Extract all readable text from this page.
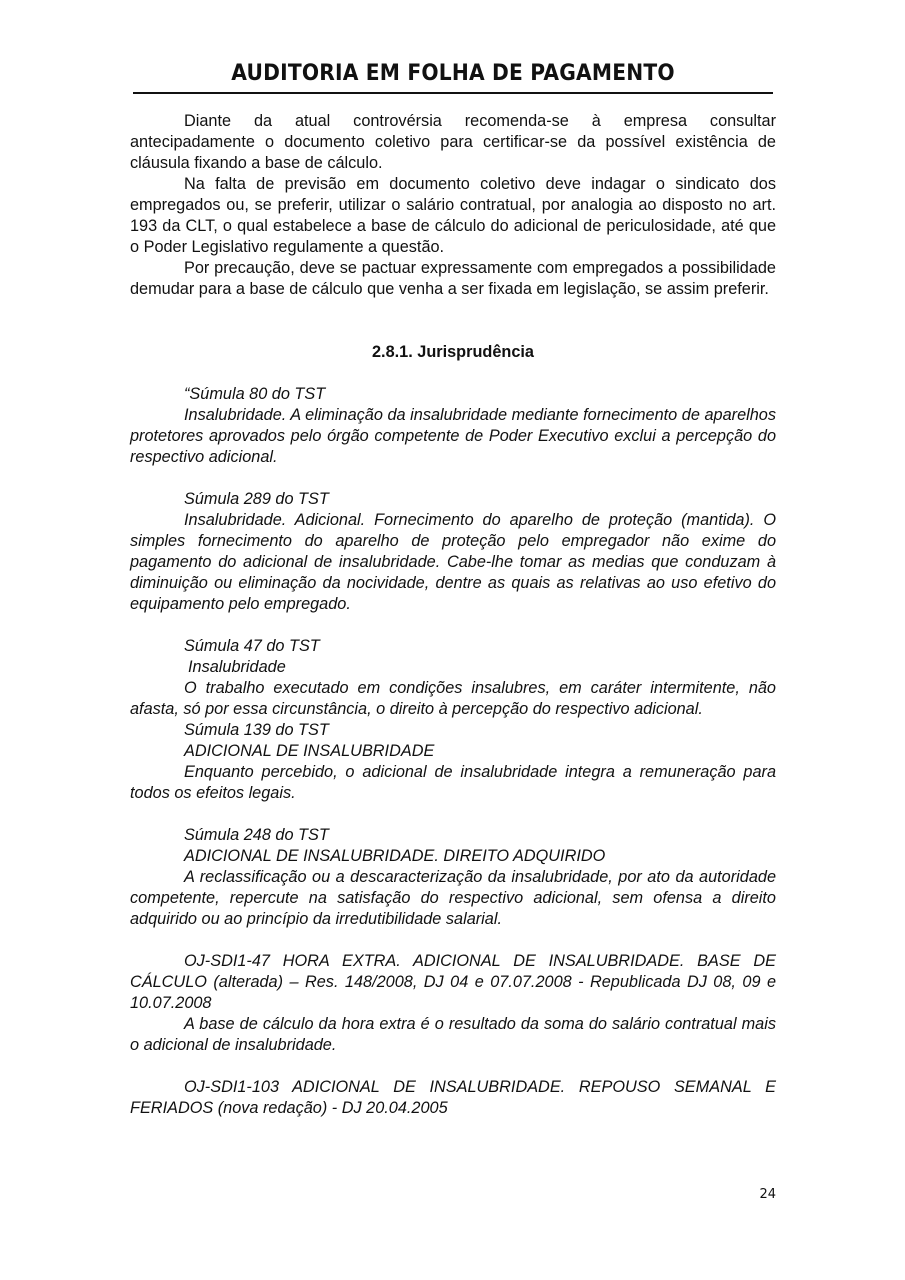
AUDITORIA EM FOLHA DE PAGAMENTO

Diante da atual controvérsia recomenda-se à empresa consultar antecipadamente o documento coletivo para certificar-se da possível existência de cláusula fixando a base de cálculo.

Na falta de previsão em documento coletivo deve indagar o sindicato dos empregados ou, se preferir, utilizar o salário contratual, por analogia ao disposto no art. 193 da CLT, o qual estabelece a base de cálculo do adicional de periculosidade, até que o Poder Legislativo regulamente a questão.

Por precaução, deve se pactuar expressamente com empregados a possibilidade demudar para a base de cálculo que venha a ser fixada em legislação, se assim preferir.

2.8.1. Jurisprudência

“Súmula 80 do TST

Insalubridade. A eliminação da insalubridade mediante fornecimento de aparelhos protetores aprovados pelo órgão competente de Poder Executivo exclui a percepção do respectivo adicional.

Súmula 289 do TST

Insalubridade. Adicional. Fornecimento do aparelho de proteção (mantida). O simples fornecimento do aparelho de proteção pelo empregador não exime do pagamento do adicional de insalubridade. Cabe-lhe tomar as medias que conduzam à diminuição ou eliminação da nocividade, dentre as quais as relativas ao uso efetivo do equipamento pelo empregado.

Súmula 47 do TST

Insalubridade

O trabalho executado em condições insalubres, em caráter intermitente, não afasta, só por essa circunstância, o direito à percepção do respectivo adicional.

Súmula 139 do TST

ADICIONAL DE INSALUBRIDADE

Enquanto percebido, o adicional de insalubridade integra a remuneração para todos os efeitos legais.

Súmula 248 do TST

ADICIONAL DE INSALUBRIDADE. DIREITO ADQUIRIDO

A reclassificação ou a descaracterização da insalubridade, por ato da autoridade competente, repercute na satisfação do respectivo adicional, sem ofensa a direito adquirido ou ao princípio da irredutibilidade salarial.

OJ-SDI1-47 HORA EXTRA. ADICIONAL DE INSALUBRIDADE. BASE DE CÁLCULO (alterada) – Res. 148/2008, DJ 04 e 07.07.2008 - Republicada DJ 08, 09 e 10.07.2008

A base de cálculo da hora extra é o resultado da soma do salário contratual mais o adicional de insalubridade.

OJ-SDI1-103 ADICIONAL DE INSALUBRIDADE. REPOUSO SEMANAL E FERIADOS (nova redação) - DJ 20.04.2005

24
